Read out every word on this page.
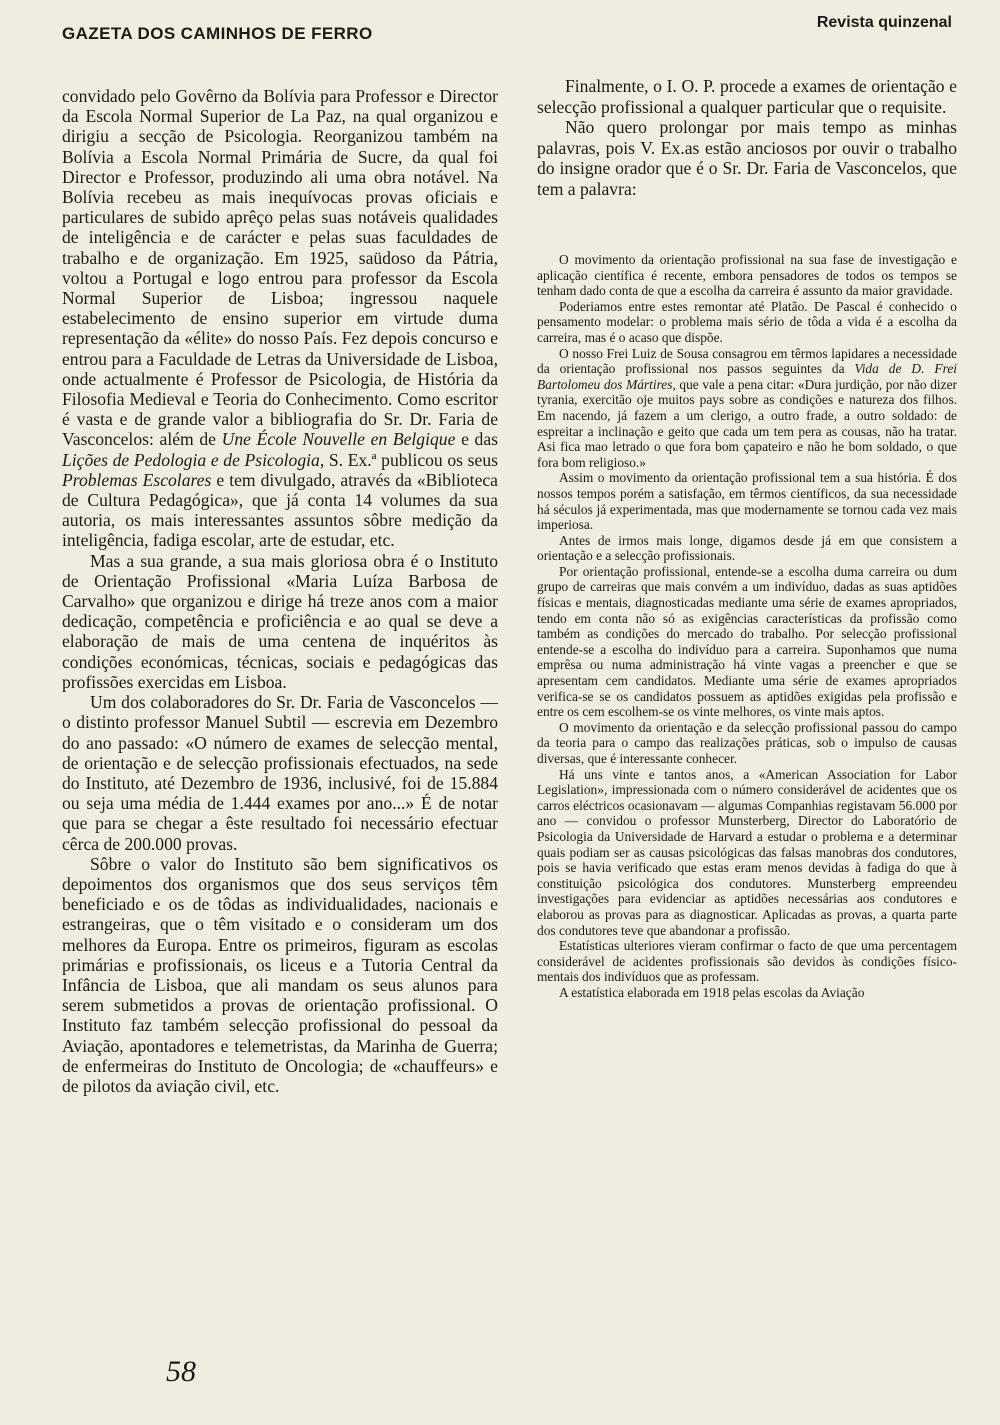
GAZETA DOS CAMINHOS DE FERRO
Revista quinzenal

convidado pelo Govêrno da Bolívia para Professor e Director da Escola Normal Superior de La Paz, na qual organizou e dirigiu a secção de Psicologia. Reorganizou também na Bolívia a Escola Normal Primária de Sucre, da qual foi Director e Professor, produzindo ali uma obra notável. Na Bolívia recebeu as mais inequívocas provas oficiais e particulares de subido aprêço pelas suas notáveis qualidades de inteligência e de carácter e pelas suas faculdades de trabalho e de organização. Em 1925, saüdoso da Pátria, voltou a Portugal e logo entrou para professor da Escola Normal Superior de Lisboa; ingressou naquele estabelecimento de ensino superior em virtude duma representação da «élite» do nosso País. Fez depois concurso e entrou para a Faculdade de Letras da Universidade de Lisboa, onde actualmente é Professor de Psicologia, de História da Filosofia Medieval e Teoria do Conhecimento. Como escritor é vasta e de grande valor a bibliografia do Sr. Dr. Faria de Vasconcelos: além de Une École Nouvelle en Belgique e das Lições de Pedologia e de Psicologia, S. Ex.ª publicou os seus Problemas Escolares e tem divulgado, através da «Biblioteca de Cultura Pedagógica», que já conta 14 volumes da sua autoria, os mais interessantes assuntos sôbre medição da inteligência, fadiga escolar, arte de estudar, etc.

Mas a sua grande, a sua mais gloriosa obra é o Instituto de Orientação Profissional «Maria Luíza Barbosa de Carvalho» que organizou e dirige há treze anos com a maior dedicação, competência e proficiência e ao qual se deve a elaboração de mais de uma centena de inquéritos às condições económicas, técnicas, sociais e pedagógicas das profissões exercidas em Lisboa.

Um dos colaboradores do Sr. Dr. Faria de Vasconcelos — o distinto professor Manuel Subtil — escrevia em Dezembro do ano passado: «O número de exames de selecção mental, de orientação e de selecção profissionais efectuados, na sede do Instituto, até Dezembro de 1936, inclusivé, foi de 15.884 ou seja uma média de 1.444 exames por ano...» É de notar que para se chegar a êste resultado foi necessário efectuar cêrca de 200.000 provas.

Sôbre o valor do Instituto são bem significativos os depoimentos dos organismos que dos seus serviços têm beneficiado e os de tôdas as individualidades, nacionais e estrangeiras, que o têm visitado e o consideram um dos melhores da Europa. Entre os primeiros, figuram as escolas primárias e profissionais, os liceus e a Tutoria Central da Infância de Lisboa, que ali mandam os seus alunos para serem submetidos a provas de orientação profissional. O Instituto faz também selecção profissional do pessoal da Aviação, apontadores e telemetristas, da Marinha de Guerra; de enfermeiras do Instituto de Oncologia; de «chauffeurs» e de pilotos da aviação civil, etc.

Finalmente, o I. O. P. procede a exames de orientação e selecção profissional a qualquer particular que o requisite.

Não quero prolongar por mais tempo as minhas palavras, pois V. Ex.as estão anciosos por ouvir o trabalho do insigne orador que é o Sr. Dr. Faria de Vasconcelos, que tem a palavra:

O movimento da orientação profissional na sua fase de investigação e aplicação científica é recente, embora pensadores de todos os tempos se tenham dado conta de que a escolha da carreira é assunto da maior gravidade.

Poderiamos entre estes remontar até Platão. De Pascal é conhecido o pensamento modelar: o problema mais sério de tôda a vida é a escolha da carreira, mas é o acaso que dispõe.

O nosso Frei Luiz de Sousa consagrou em têrmos lapidares a necessidade da orientação profissional nos passos seguintes da Vida de D. Frei Bartolomeu dos Mártires, que vale a pena citar: «Dura jurdição, por não dizer tyrania, exercitão oje muitos pays sobre as condições e natureza dos filhos. Em nacendo, já fazem a um clerigo, a outro frade, a outro soldado: de espreitar a inclinação e geito que cada um tem pera as cousas, não ha tratar. Asi fica mao letrado o que fora bom çapateiro e não he bom soldado, o que fora bom religioso.»

Assim o movimento da orientação profissional tem a sua história. É dos nossos tempos porém a satisfação, em têrmos científicos, da sua necessidade há séculos já experimentada, mas que modernamente se tornou cada vez mais imperiosa.

Antes de irmos mais longe, digamos desde já em que consistem a orientação e a selecção profissionais.

Por orientação profissional, entende-se a escolha duma carreira ou dum grupo de carreiras que mais convém a um indivíduo, dadas as suas aptidões físicas e mentais, diagnosticadas mediante uma série de exames apropriados, tendo em conta não só as exigências características da profissão como também as condições do mercado do trabalho. Por selecção profissional entende-se a escolha do indivíduo para a carreira. Suponhamos que numa emprêsa ou numa administração há vinte vagas a preencher e que se apresentam cem candidatos. Mediante uma série de exames apropriados verifica-se se os candidatos possuem as aptidões exigidas pela profissão e entre os cem escolhem-se os vinte melhores, os vinte mais aptos.

O movimento da orientação e da selecção profissional passou do campo da teoria para o campo das realizações práticas, sob o impulso de causas diversas, que é interessante conhecer.

Há uns vinte e tantos anos, a «American Association for Labor Legislation», impressionada com o número considerável de acidentes que os carros eléctricos ocasionavam — algumas Companhias registavam 56.000 por ano — convidou o professor Munsterberg, Director do Laboratório de Psicologia da Universidade de Harvard a estudar o problema e a determinar quais podiam ser as causas psicológicas das falsas manobras dos condutores, pois se havia verificado que estas eram menos devidas à fadiga do que à constituição psicológica dos condutores. Munsterberg empreendeu investigações para evidenciar as aptidões necessárias aos condutores e elaborou as provas para as diagnosticar. Aplicadas as provas, a quarta parte dos condutores teve que abandonar a profissão.

Estatísticas ulteriores vieram confirmar o facto de que uma percentagem considerável de acidentes profissionais são devidos às condições físico-mentais dos indivíduos que as professam.

A estatística elaborada em 1918 pelas escolas da Aviação

58
